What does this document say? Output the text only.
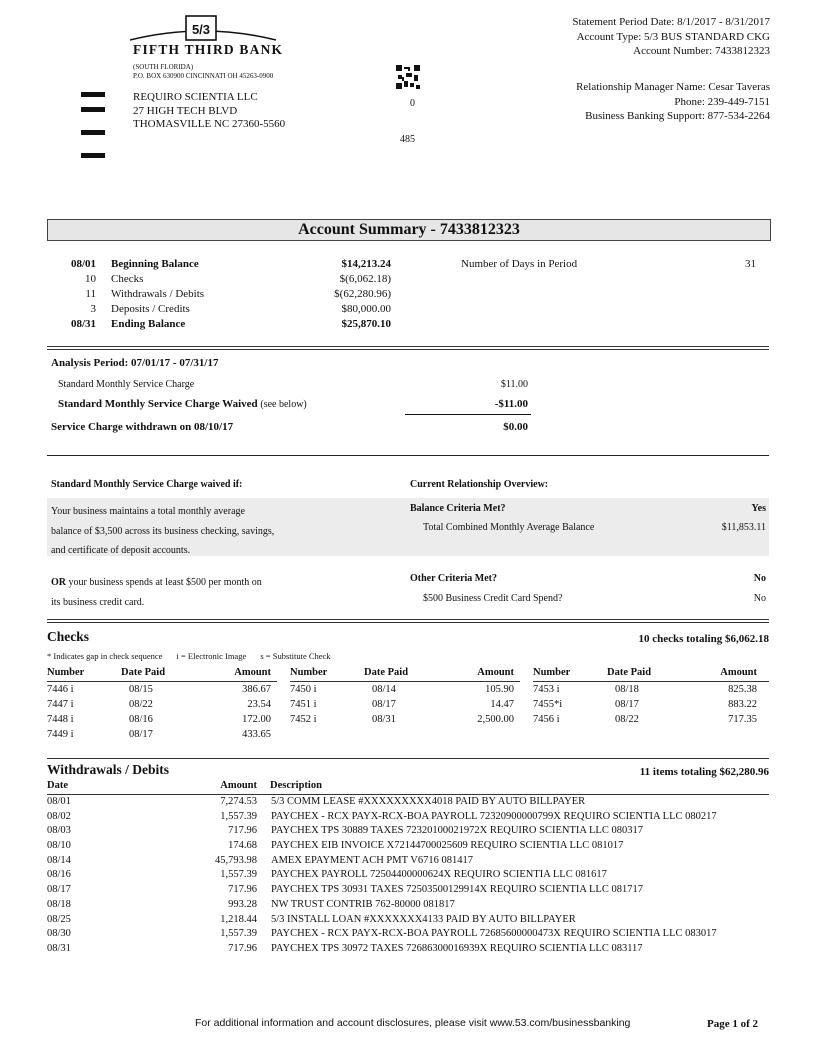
5/3
FIFTH THIRD BANK
(SOUTH FLORIDA)
P.O. BOX 630900 CINCINNATI OH 45263-0900
REQUIRO SCIENTIA LLC
27 HIGH TECH BLVD
THOMASVILLE NC 27360-5560
0
485
Statement Period Date: 8/1/2017 - 8/31/2017
Account Type: 5/3 BUS STANDARD CKG
Account Number: 7433812323
Relationship Manager Name: Cesar Taveras
Phone: 239-449-7151
Business Banking Support: 877-534-2264
Account Summary - 7433812323
08/01 Beginning Balance	$14,213.24
10 Checks	$(6,062.18)
11 Withdrawals / Debits	$(62,280.96)
3 Deposits / Credits	$80,000.00
08/31 Ending Balance	$25,870.10
Number of Days in Period	31
Analysis Period: 07/01/17 - 07/31/17
Standard Monthly Service Charge	$11.00
Standard Monthly Service Charge Waived (see below)	-$11.00
Service Charge withdrawn on 08/10/17	$0.00
Standard Monthly Service Charge waived if:	Current Relationship Overview:
Your business maintains a total monthly average
balance of $3,500 across its business checking, savings,
and certificate of deposit accounts.
Balance Criteria Met?	Yes
Total Combined Monthly Average Balance	$11,853.11
OR your business spends at least $500 per month on
its business credit card.
Other Criteria Met?	No
$500 Business Credit Card Spend?	No
Checks	10 checks totaling $6,062.18
* Indicates gap in check sequence i = Electronic Image s = Substitute Check
Number	Date Paid	Amount
7446 i	08/15	386.67
7447 i	08/22	23.54
7448 i	08/16	172.00
7449 i	08/17	433.65
Number	Date Paid	Amount
7450 i	08/14	105.90
7451 i	08/17	14.47
7452 i	08/31	2,500.00
Number	Date Paid	Amount
7453 i	08/18	825.38
7455*i	08/17	883.22
7456 i	08/22	717.35
Withdrawals / Debits	11 items totaling $62,280.96
Date	Amount Description
08/01	7,274.53 5/3 COMM LEASE #XXXXXXXXX4018 PAID BY AUTO BILLPAYER
08/02	1,557.39 PAYCHEX - RCX PAYX-RCX-BOA PAYROLL 72320900000799X REQUIRO SCIENTIA LLC 080217
08/03	717.96 PAYCHEX TPS 30889 TAXES 72320100021972X REQUIRO SCIENTIA LLC 080317
08/10	174.68 PAYCHEX EIB INVOICE X72144700025609 REQUIRO SCIENTIA LLC 081017
08/14	45,793.98 AMEX EPAYMENT ACH PMT V6716 081417
08/16	1,557.39 PAYCHEX PAYROLL 72504400000624X REQUIRO SCIENTIA LLC 081617
08/17	717.96 PAYCHEX TPS 30931 TAXES 72503500129914X REQUIRO SCIENTIA LLC 081717
08/18	993.28 NW TRUST CONTRIB 762-80000 081817
08/25	1,218.44 5/3 INSTALL LOAN #XXXXXXX4133 PAID BY AUTO BILLPAYER
08/30	1,557.39 PAYCHEX - RCX PAYX-RCX-BOA PAYROLL 72685600000473X REQUIRO SCIENTIA LLC 083017
08/31	717.96 PAYCHEX TPS 30972 TAXES 72686300016939X REQUIRO SCIENTIA LLC 083117
For additional information and account disclosures, please visit www.53.com/businessbanking	Page 1 of 2
